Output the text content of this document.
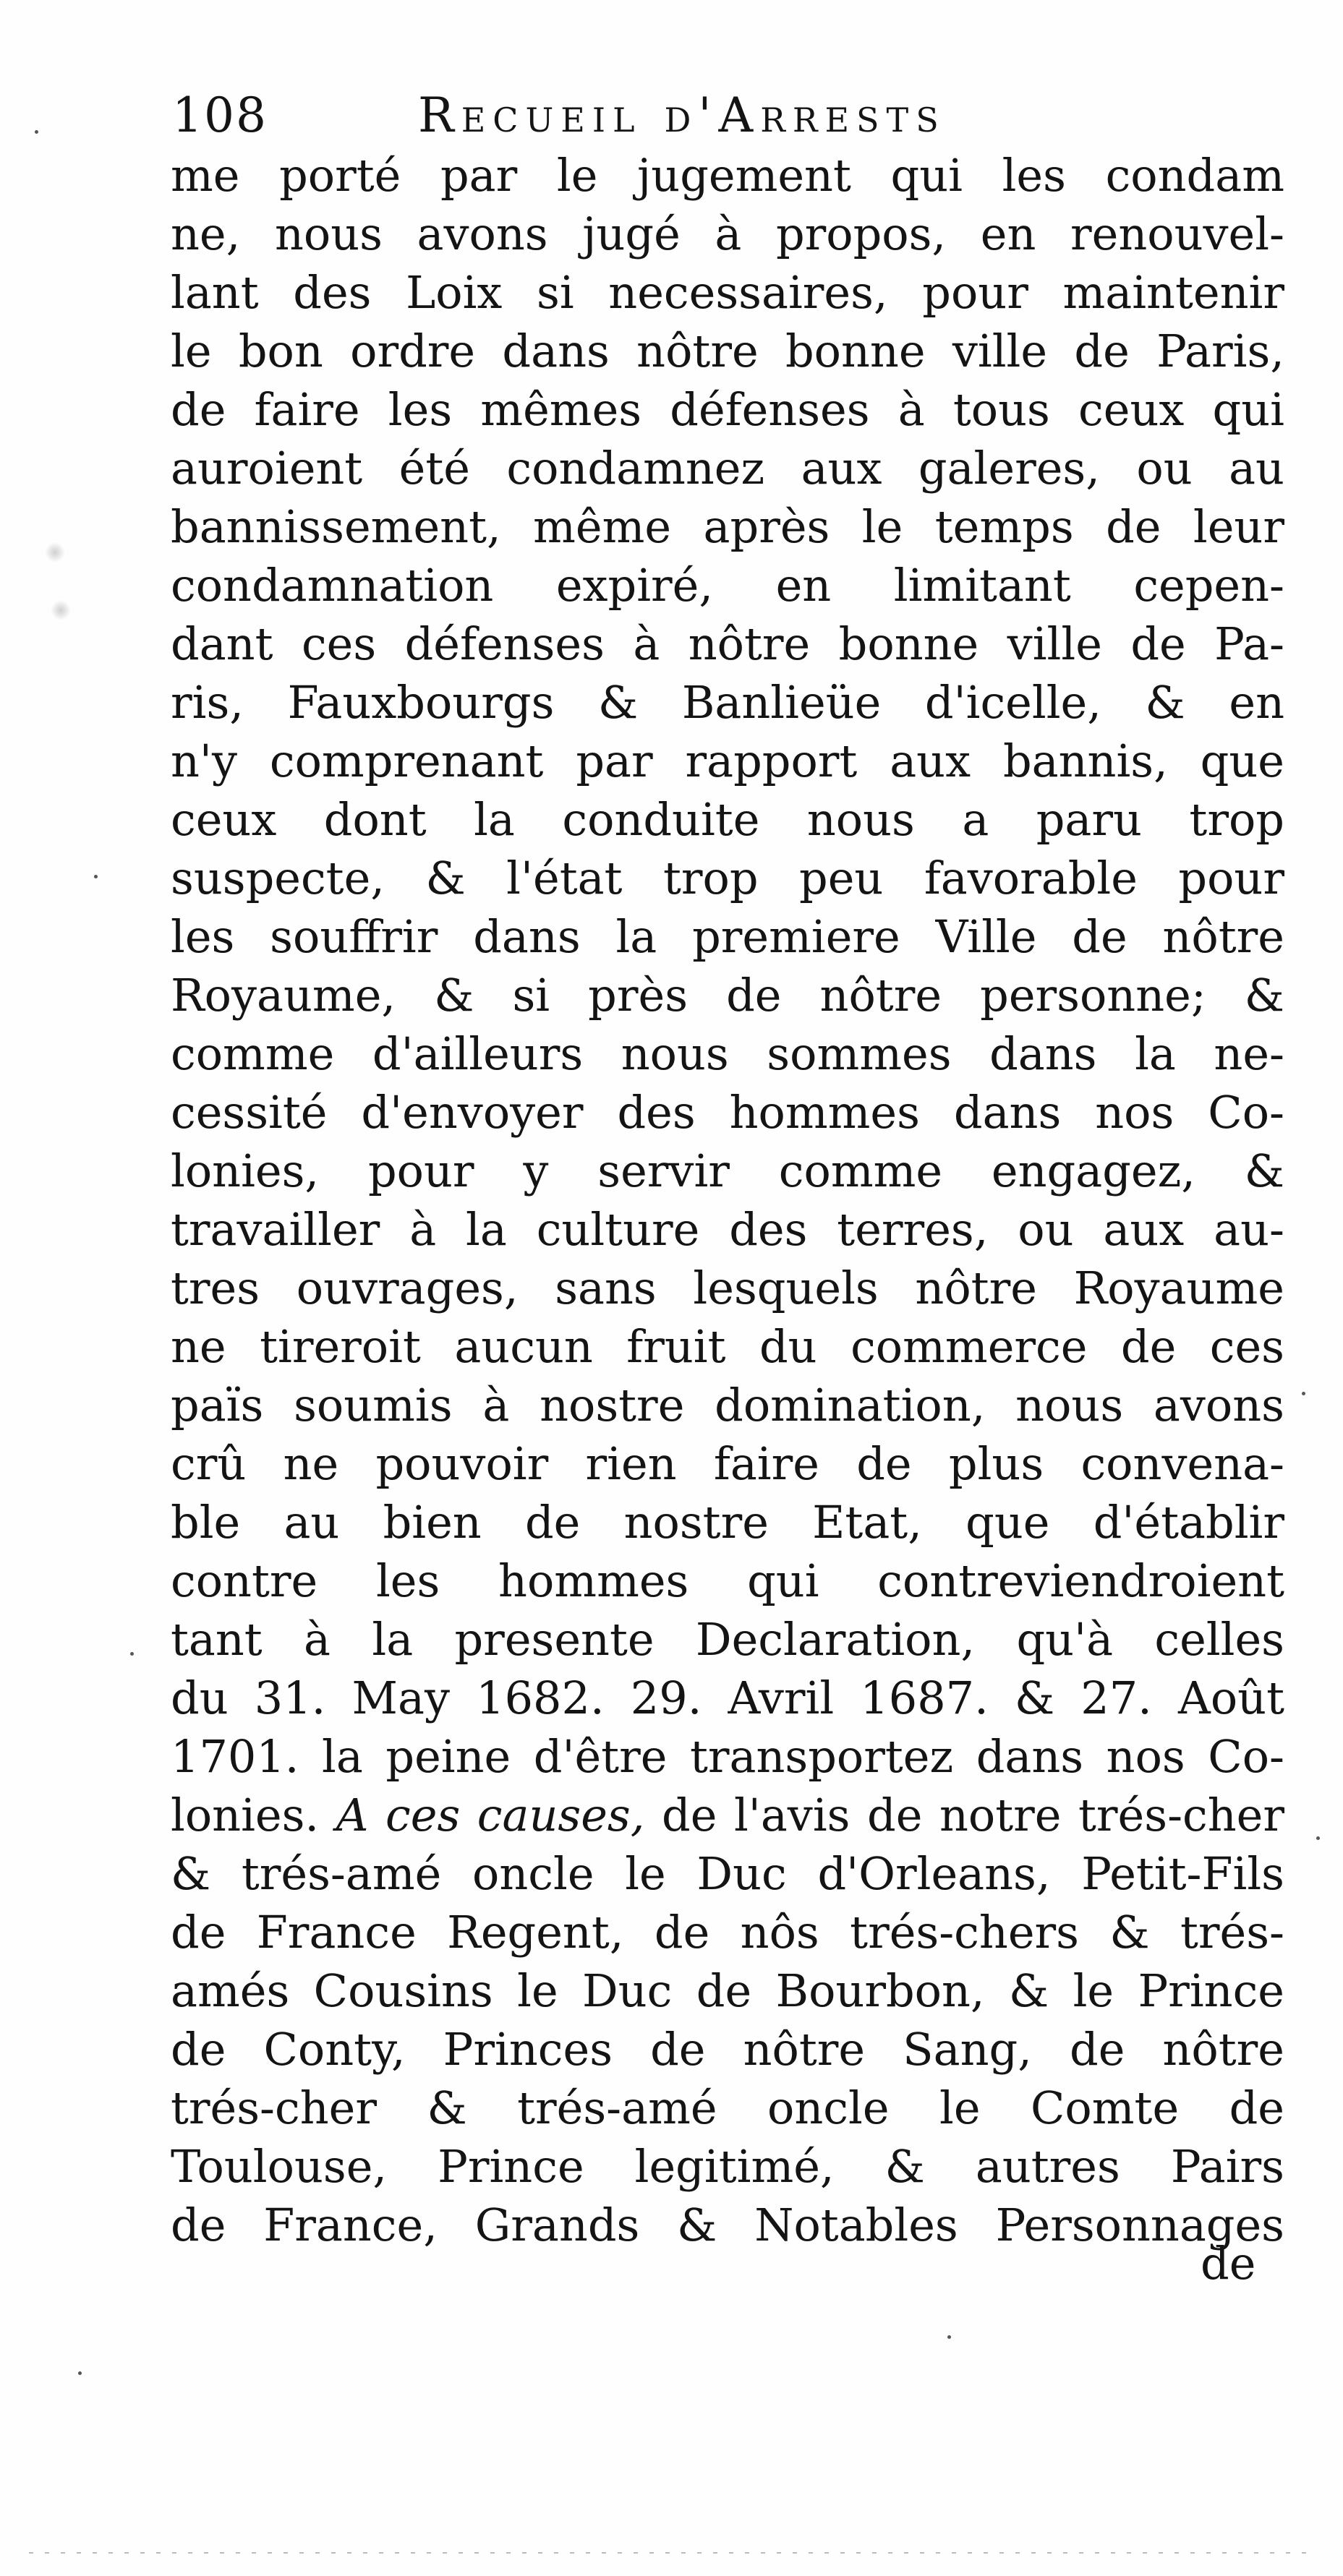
108	Recueil d'Arrests
me porté par le jugement qui les condam
ne, nous avons jugé à propos, en renouvel-
lant des Loix si necessaires, pour maintenir
le bon ordre dans nôtre bonne ville de Paris,
de faire les mêmes défenses à tous ceux qui
auroient été condamnez aux galeres, ou au
bannissement, même après le temps de leur
condamnation expiré, en limitant cepen-
dant ces défenses à nôtre bonne ville de Pa-
ris, Fauxbourgs & Banlieüe d'icelle, & en
n'y comprenant par rapport aux bannis, que
ceux dont la conduite nous a paru trop
suspecte, & l'état trop peu favorable pour
les souffrir dans la premiere Ville de nôtre
Royaume, & si près de nôtre personne; &
comme d'ailleurs nous sommes dans la ne-
cessité d'envoyer des hommes dans nos Co-
lonies, pour y servir comme engagez, &
travailler à la culture des terres, ou aux au-
tres ouvrages, sans lesquels nôtre Royaume
ne tireroit aucun fruit du commerce de ces
païs soumis à nostre domination, nous avons
crû ne pouvoir rien faire de plus convena-
ble au bien de nostre Etat, que d'établir
contre les hommes qui contreviendroient
tant à la presente Declaration, qu'à celles
du 31. May 1682. 29. Avril 1687. & 27. Août
1701. la peine d'être transportez dans nos Co-
lonies. A ces causes, de l'avis de notre trés-cher
& trés-amé oncle le Duc d'Orleans, Petit-Fils
de France Regent, de nôs trés-chers & trés-
amés Cousins le Duc de Bourbon, & le Prince
de Conty, Princes de nôtre Sang, de nôtre
trés-cher & trés-amé oncle le Comte de
Toulouse, Prince legitimé, & autres Pairs
de France, Grands & Notables Personnages
de
